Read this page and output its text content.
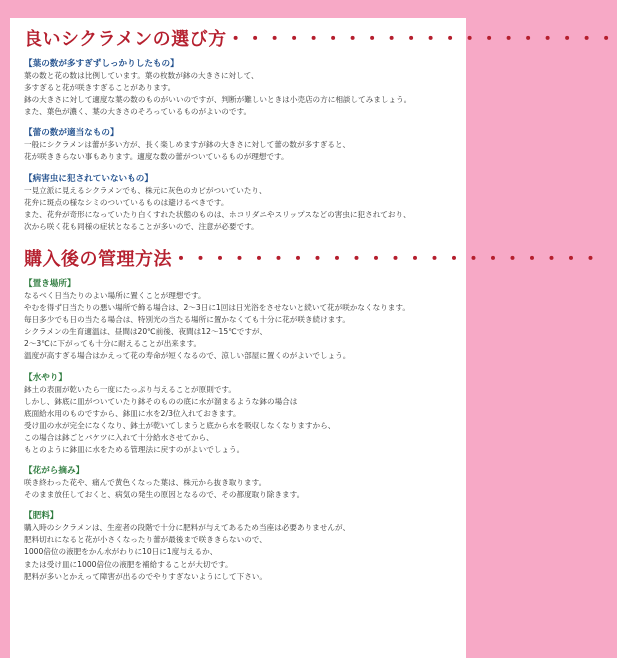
良いシクラメンの選び方・・・・・・・・・・・・・・・・・・・・
【葉の数が多すぎずしっかりしたもの】
葉の数と花の数は比例しています。葉の枚数が鉢の大きさに対して、
多すぎると花が咲きすぎることがあります。
鉢の大きさに対して適度な葉の数のものがいいのですが、判断が難しいときは小売店の方に相談してみましょう。
また、葉色が濃く、葉の大きさのそろっているものがよいのです。
【蕾の数が適当なもの】
一般にシクラメンは蕾が多い方が、長く楽しめますが鉢の大きさに対して蕾の数が多すぎると、
花が咲ききらない事もあります。適度な数の蕾がついているものが理想です。
【病害虫に犯されていないもの】
一見立派に見えるシクラメンでも、株元に灰色のカビがついていたり、
花弁に斑点の様なシミのついているものは避けるべきです。
また、花弁が奇形になっていたり白くすれた状態のものは、ホコリダニやスリップスなどの害虫に犯されており、
次から咲く花も同様の症状となることが多いので、注意が必要です。
購入後の管理方法・・・・・・・・・・・・・・・・・・・・・・
【置き場所】
なるべく日当たりのよい場所に置くことが理想です。
やむを得ず日当たりの悪い場所で飾る場合は、2〜3日に1回は日光浴をさせないと続いて花が咲かなくなります。
毎日多少でも日の当たる場合は、特別光の当たる場所に置かなくても十分に花が咲き続けます。
シクラメンの生育適温は、昼間は20℃前後、夜間は12〜15℃ですが、
2〜3℃に下がっても十分に耐えることが出来ます。
温度が高すぎる場合はかえって花の寿命が短くなるので、涼しい部屋に置くのがよいでしょう。
【水やり】
鉢土の表面が乾いたら一度にたっぷり与えることが原則です。
しかし、鉢底に皿がついていたり鉢そのものの底に水が溜まるような鉢の場合は
底面給水用のものですから、鉢皿に水を2/3位入れておきます。
受け皿の水が完全になくなり、鉢土が乾いてしまうと底から水を吸収しなくなりますから、
この場合は鉢ごとバケツに入れて十分給水させてから、
もとのように鉢皿に水をためる管理法に戻すのがよいでしょう。
【花がら摘み】
咲き終わった花や、痛んで黄色くなった葉は、株元から抜き取ります。
そのまま放任しておくと、病気の発生の原因となるので、その都度取り除きます。
【肥料】
購入時のシクラメンは、生産者の段階で十分に肥料が与えてあるため当座は必要ありませんが、
肥料切れになると花が小さくなったり蕾が最後まで咲ききらないので、
1000倍位の液肥をかん水がわりに10日に1度与えるか、
または受け皿に1000倍位の液肥を補給することが大切です。
肥料が多いとかえって障害が出るのでやりすぎないようにして下さい。
